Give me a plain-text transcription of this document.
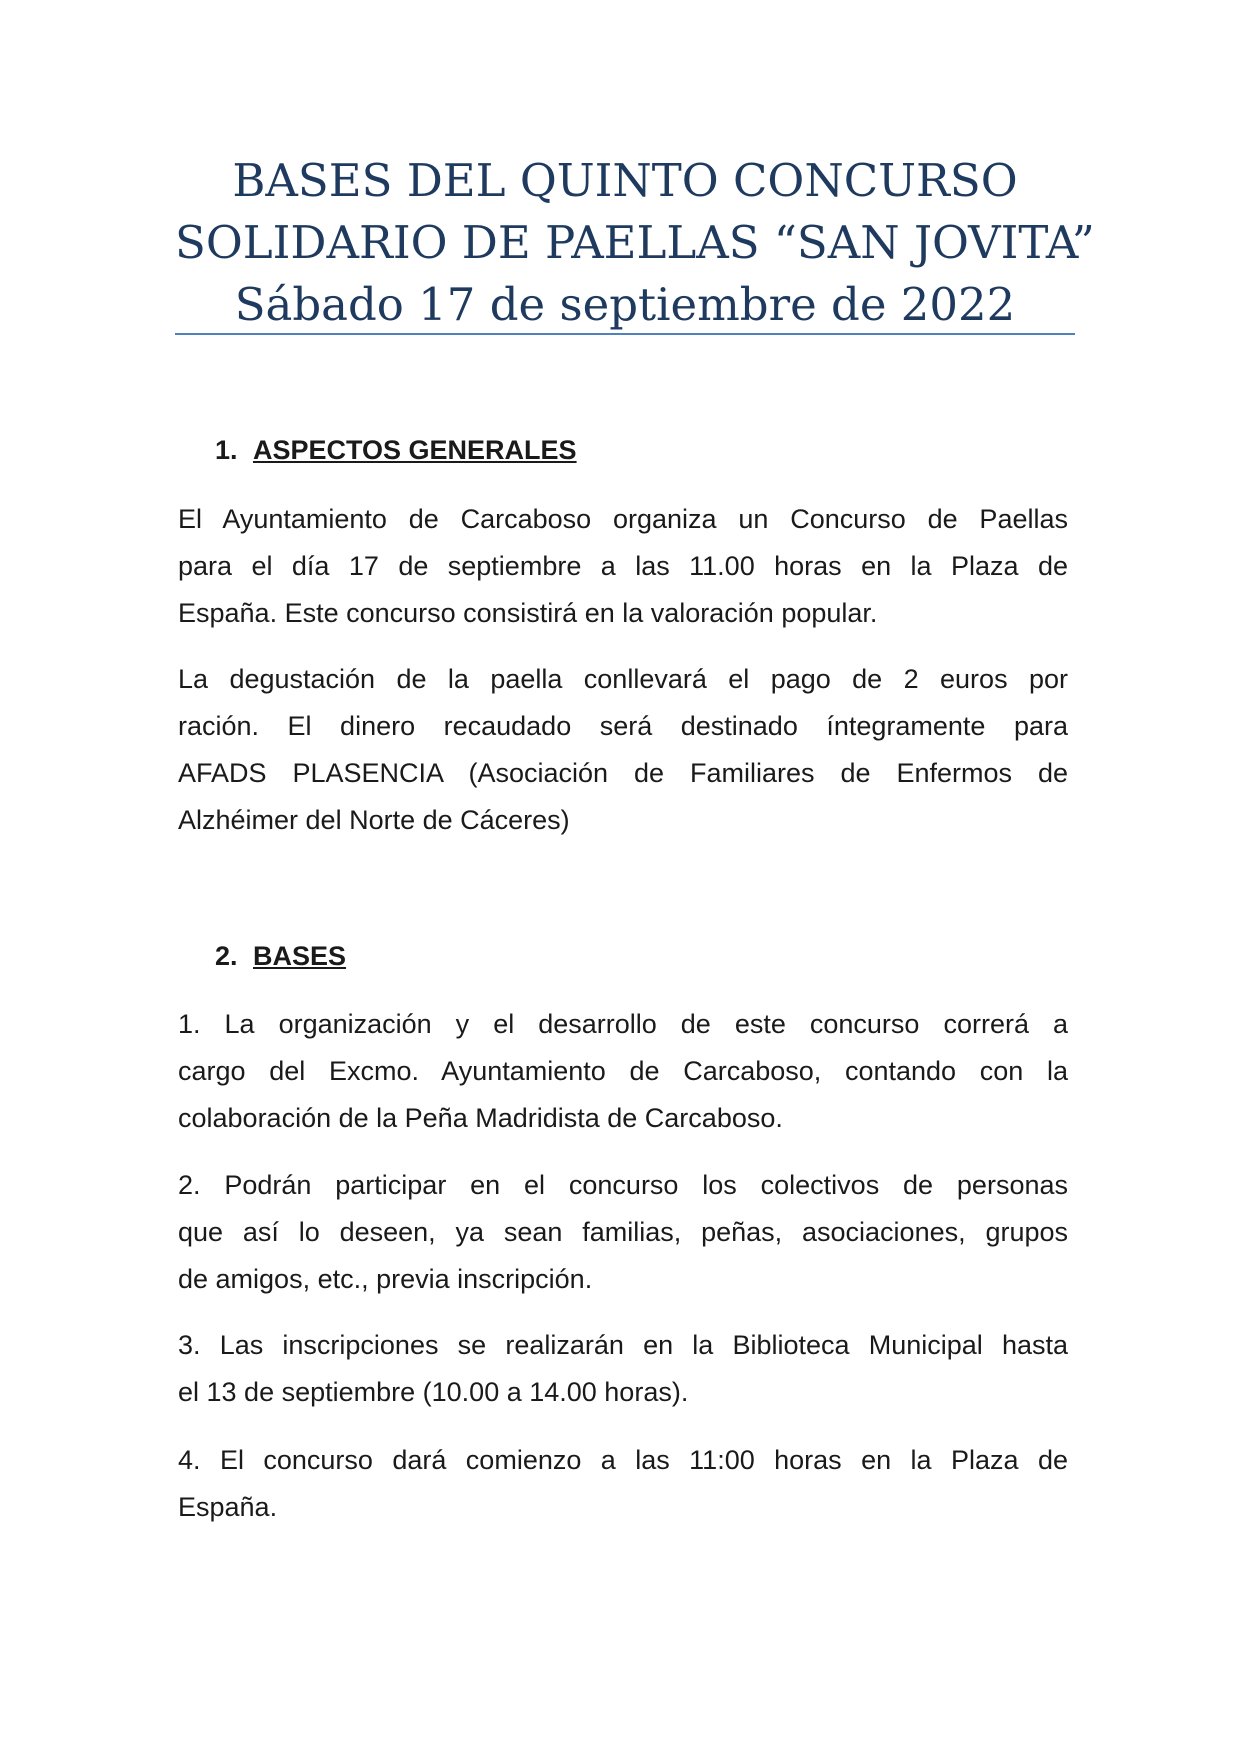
BASES DEL QUINTO CONCURSO
SOLIDARIO DE PAELLAS “SAN JOVITA”
Sábado 17 de septiembre de 2022
1. ASPECTOS GENERALES
El Ayuntamiento de Carcaboso organiza un Concurso de Paellas
para el día 17 de septiembre a las 11.00 horas en la Plaza de
España. Este concurso consistirá en la valoración popular.
La degustación de la paella conllevará el pago de 2 euros por
ración. El dinero recaudado será destinado íntegramente para
AFADS PLASENCIA (Asociación de Familiares de Enfermos de
Alzhéimer del Norte de Cáceres)
2. BASES
1. La organización y el desarrollo de este concurso correrá a
cargo del Excmo. Ayuntamiento de Carcaboso, contando con la
colaboración de la Peña Madridista de Carcaboso.
2. Podrán participar en el concurso los colectivos de personas
que así lo deseen, ya sean familias, peñas, asociaciones, grupos
de amigos, etc., previa inscripción.
3. Las inscripciones se realizarán en la Biblioteca Municipal hasta
el 13 de septiembre (10.00 a 14.00 horas).
4. El concurso dará comienzo a las 11:00 horas en la Plaza de
España.
